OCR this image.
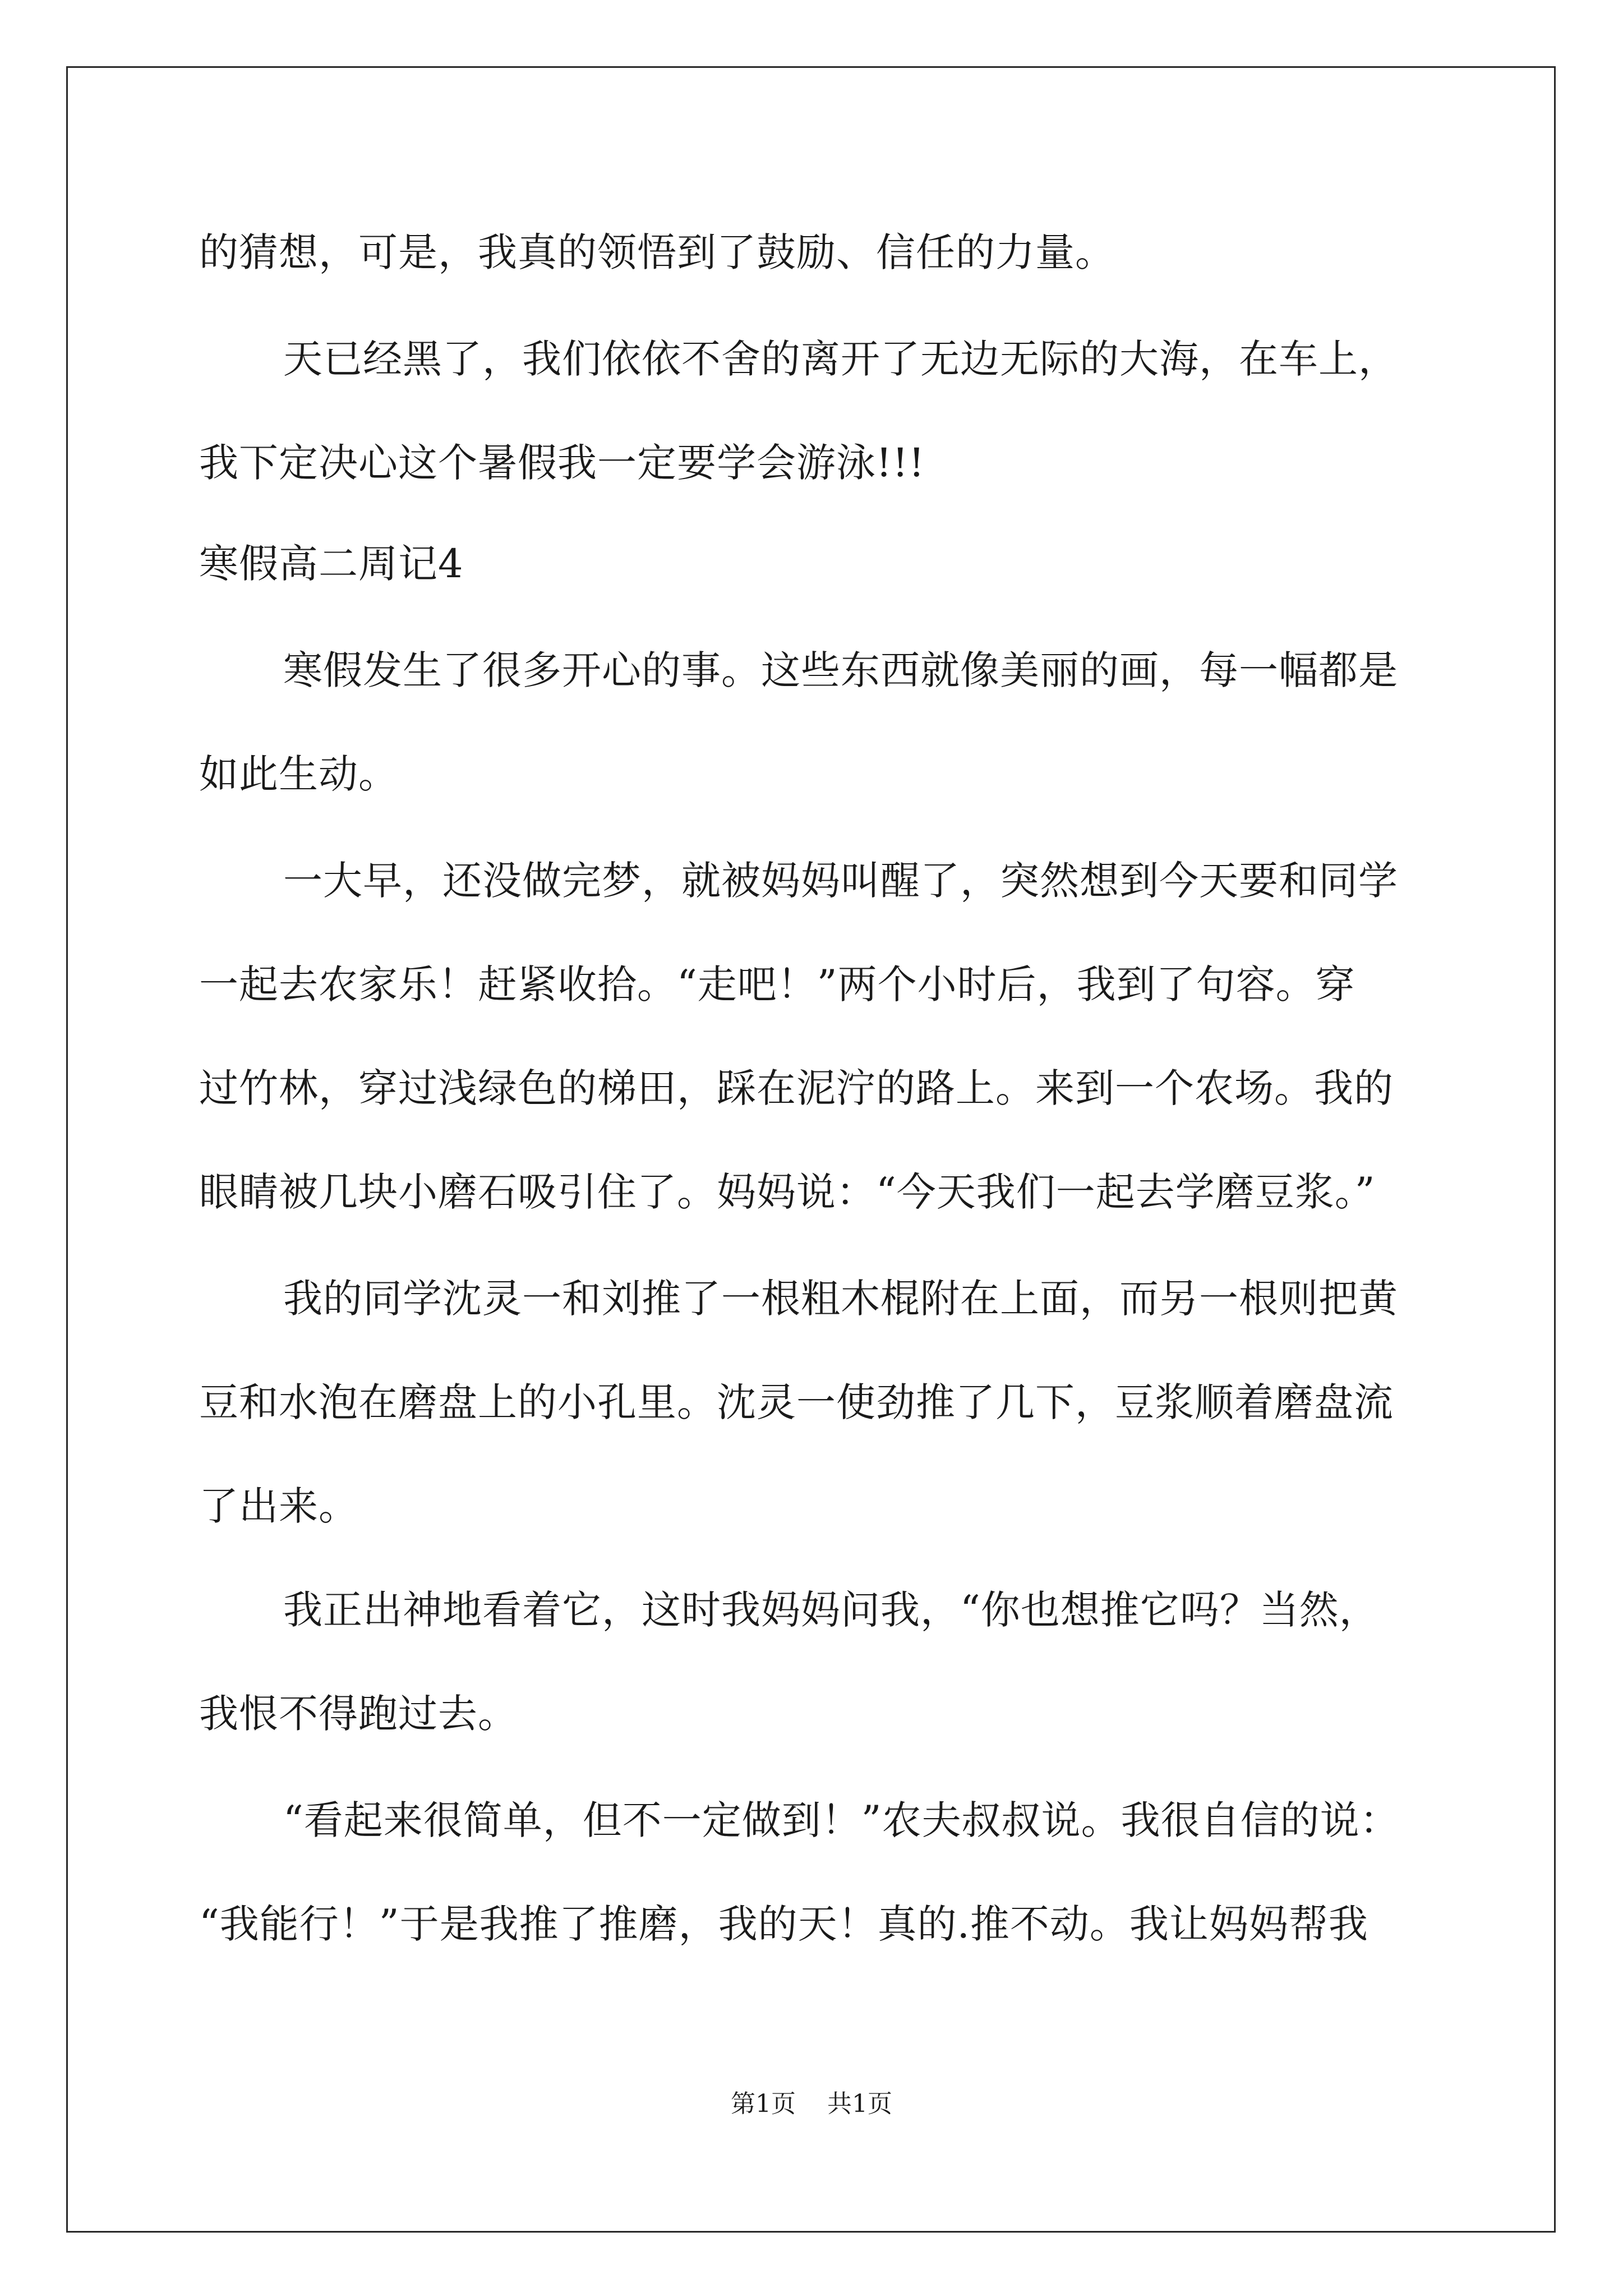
的猜想，可是，我真的领悟到了鼓励、信任的力量。
天已经黑了，我们依依不舍的离开了无边无际的大海，在车上，
我下定决心这个暑假我一定要学会游泳!!!
寒假高二周记4
寒假发生了很多开心的事。这些东西就像美丽的画，每一幅都是
如此生动。
一大早，还没做完梦，就被妈妈叫醒了，突然想到今天要和同学
一起去农家乐！赶紧收拾。“走吧！”两个小时后，我到了句容。穿
过竹林，穿过浅绿色的梯田，踩在泥泞的路上。来到一个农场。我的
眼睛被几块小磨石吸引住了。妈妈说：“今天我们一起去学磨豆浆。”
我的同学沈灵一和刘推了一根粗木棍附在上面，而另一根则把黄
豆和水泡在磨盘上的小孔里。沈灵一使劲推了几下，豆浆顺着磨盘流
了出来。
我正出神地看着它，这时我妈妈问我，“你也想推它吗？当然，
我恨不得跑过去。
“看起来很简单，但不一定做到！”农夫叔叔说。我很自信的说：
“我能行！”于是我推了推磨，我的天！真的.推不动。我让妈妈帮我
第1页    共1页
